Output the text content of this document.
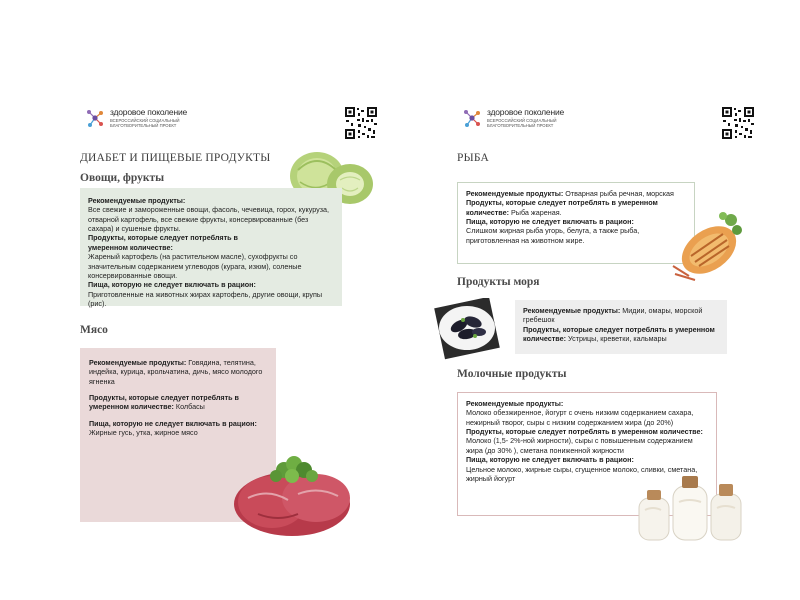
здоровое поколение
ВСЕРОССИЙСКИЙ СОЦИАЛЬНЫЙ БЛАГОТВОРИТЕЛЬНЫЙ ПРОЕКТ
ДИАБЕТ И ПИЩЕВЫЕ ПРОДУКТЫ
Овощи, фрукты
Рекомендуемые продукты:
Все свежие и замороженные овощи, фасоль, чечевица, горох, кукуруза, отварной картофель, все свежие фрукты, консервированные (без сахара) и сушеные фрукты.
Продукты, которые следует потреблять в умеренном количестве:
Жареный картофель (на растительном масле), сухофрукты со значительным содержанием углеводов (курага, изюм), соленые консервированные овощи.
Пища, которую не следует включать в рацион:
Приготовленные на животных жирах картофель, другие овощи, крупы (рис).
Мясо

Рекомендуемые продукты: Говядина, телятина, индейка, курица, крольчатина, дичь, мясо молодого ягненка

Продукты, которые следует потреблять в умеренном количестве: Колбасы

Пища, которую не следует включать в рацион:
Жирные гусь, утка, жирное мясо

здоровое поколение
ВСЕРОССИЙСКИЙ СОЦИАЛЬНЫЙ БЛАГОТВОРИТЕЛЬНЫЙ ПРОЕКТ
РЫБА
Рекомендуемые продукты: Отварная рыба речная, морская
Продукты, которые следует потреблять в умеренном количестве: Рыба жареная.
Пища, которую не следует включать в рацион: Слишком жирная рыба угорь, белуга, а также рыба, приготовленная на животном жире.
Продукты моря
Рекомендуемые продукты: Мидии, омары, морской гребешок
Продукты, которые следует потреблять в умеренном количестве: Устрицы, креветки, кальмары
Молочные продукты
Рекомендуемые продукты:
Молоко обезжиренное, йогурт с очень низким содержанием сахара, нежирный творог, сыры с низким содержанием жира (до 20%)
Продукты, которые следует потреблять в умеренном количестве:
Молоко (1,5- 2%-ной жирности), сыры с повышенным содержанием жира (до 30% ), сметана пониженной жирности
Пища, которую не следует включать в рацион:
Цельное молоко, жирные сыры, сгущенное молоко, сливки, сметана, жирный йогурт
